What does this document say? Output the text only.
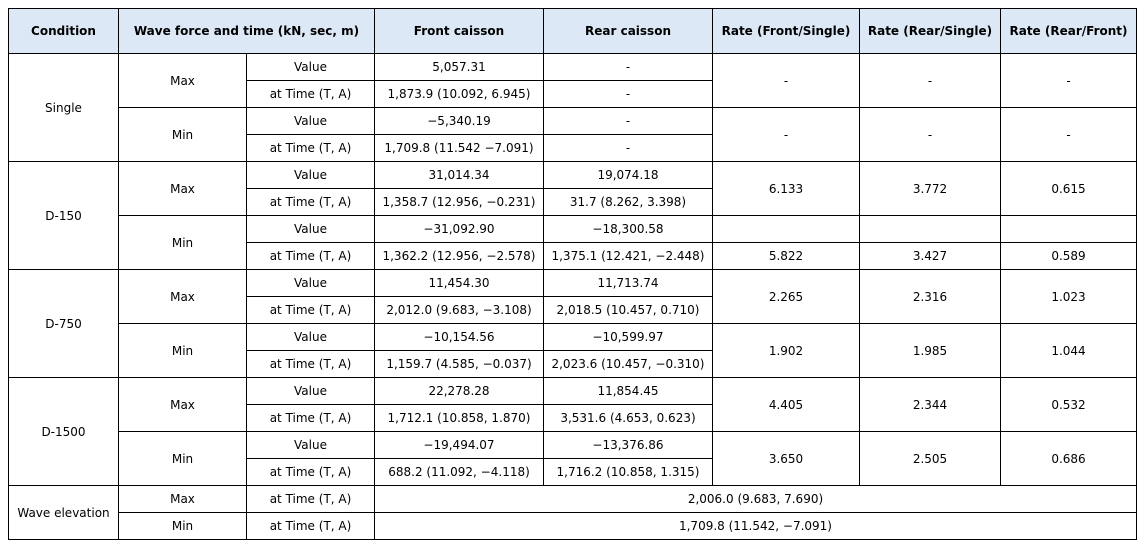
Condition	Wave force and time (kN, sec, m)		Front caisson	Rear caisson	Rate (Front/Single)	Rate (Rear/Single)	Rate (Rear/Front)
Single	Max	Value	5,057.31	-	-	-	-
		at Time (T, A)	1,873.9 (10.092, 6.945)	-			
	Min	Value	−5,340.19	-	-	-	-
		at Time (T, A)	1,709.8 (11.542 −7.091)	-			
D-150	Max	Value	31,014.34	19,074.18	6.133	3.772	0.615
		at Time (T, A)	1,358.7 (12.956, −0.231)	31.7 (8.262, 3.398)			
	Min	Value	−31,092.90	−18,300.58			
		at Time (T, A)	1,362.2 (12.956, −2.578)	1,375.1 (12.421, −2.448)	5.822	3.427	0.589
D-750	Max	Value	11,454.30	11,713.74	2.265	2.316	1.023
		at Time (T, A)	2,012.0 (9.683, −3.108)	2,018.5 (10.457, 0.710)			
	Min	Value	−10,154.56	−10,599.97	1.902	1.985	1.044
		at Time (T, A)	1,159.7 (4.585, −0.037)	2,023.6 (10.457, −0.310)			
D-1500	Max	Value	22,278.28	11,854.45	4.405	2.344	0.532
		at Time (T, A)	1,712.1 (10.858, 1.870)	3,531.6 (4.653, 0.623)			
	Min	Value	−19,494.07	−13,376.86	3.650	2.505	0.686
		at Time (T, A)	688.2 (11.092, −4.118)	1,716.2 (10.858, 1.315)			
Wave elevation	Max	at Time (T, A)	2,006.0 (9.683, 7.690)				
	Min	at Time (T, A)	1,709.8 (11.542, −7.091)				
